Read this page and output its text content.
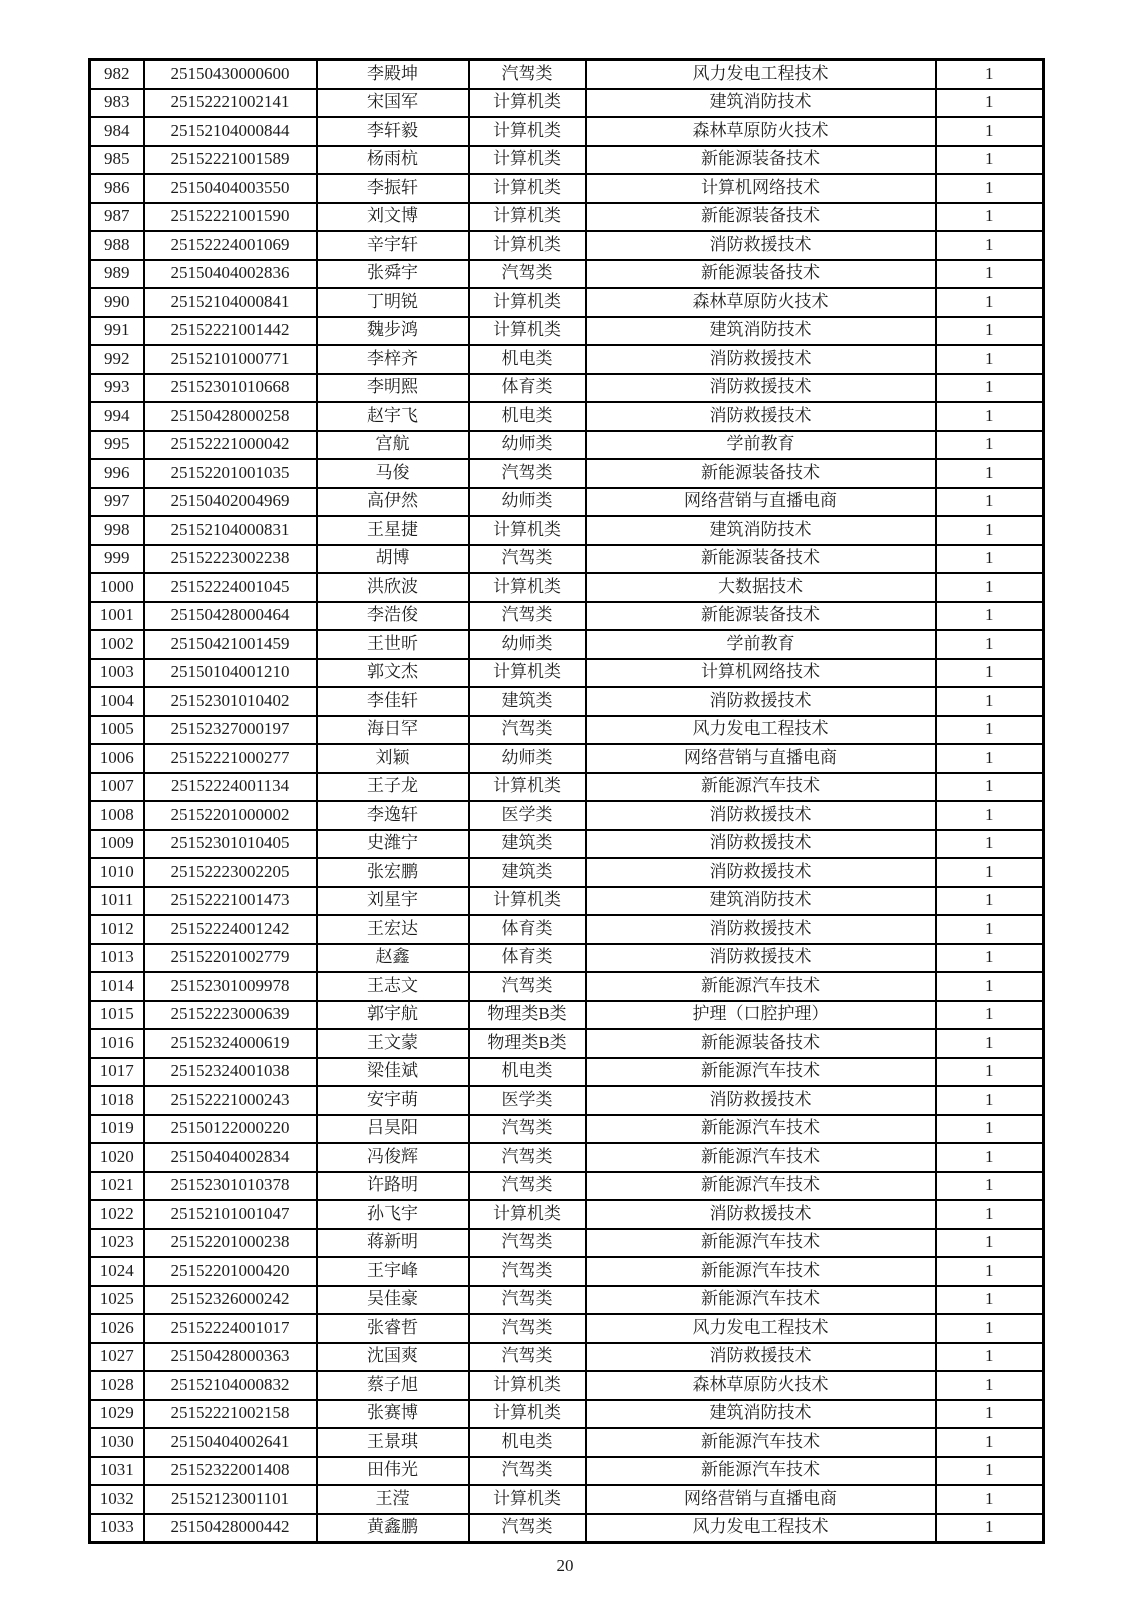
982	25150430000600	李殿坤	汽驾类	风力发电工程技术	1
983	25152221002141	宋国军	计算机类	建筑消防技术	1
984	25152104000844	李轩毅	计算机类	森林草原防火技术	1
985	25152221001589	杨雨杭	计算机类	新能源装备技术	1
986	25150404003550	李振轩	计算机类	计算机网络技术	1
987	25152221001590	刘文博	计算机类	新能源装备技术	1
988	25152224001069	辛宇轩	计算机类	消防救援技术	1
989	25150404002836	张舜宇	汽驾类	新能源装备技术	1
990	25152104000841	丁明锐	计算机类	森林草原防火技术	1
991	25152221001442	魏步鸿	计算机类	建筑消防技术	1
992	25152101000771	李梓齐	机电类	消防救援技术	1
993	25152301010668	李明熙	体育类	消防救援技术	1
994	25150428000258	赵宇飞	机电类	消防救援技术	1
995	25152221000042	宫航	幼师类	学前教育	1
996	25152201001035	马俊	汽驾类	新能源装备技术	1
997	25150402004969	高伊然	幼师类	网络营销与直播电商	1
998	25152104000831	王星捷	计算机类	建筑消防技术	1
999	25152223002238	胡博	汽驾类	新能源装备技术	1
1000	25152224001045	洪欣波	计算机类	大数据技术	1
1001	25150428000464	李浩俊	汽驾类	新能源装备技术	1
1002	25150421001459	王世昕	幼师类	学前教育	1
1003	25150104001210	郭文杰	计算机类	计算机网络技术	1
1004	25152301010402	李佳轩	建筑类	消防救援技术	1
1005	25152327000197	海日罕	汽驾类	风力发电工程技术	1
1006	25152221000277	刘颖	幼师类	网络营销与直播电商	1
1007	25152224001134	王子龙	计算机类	新能源汽车技术	1
1008	25152201000002	李逸轩	医学类	消防救援技术	1
1009	25152301010405	史潍宁	建筑类	消防救援技术	1
1010	25152223002205	张宏鹏	建筑类	消防救援技术	1
1011	25152221001473	刘星宇	计算机类	建筑消防技术	1
1012	25152224001242	王宏达	体育类	消防救援技术	1
1013	25152201002779	赵鑫	体育类	消防救援技术	1
1014	25152301009978	王志文	汽驾类	新能源汽车技术	1
1015	25152223000639	郭宇航	物理类B类	护理（口腔护理）	1
1016	25152324000619	王文蒙	物理类B类	新能源装备技术	1
1017	25152324001038	梁佳斌	机电类	新能源汽车技术	1
1018	25152221000243	安宇萌	医学类	消防救援技术	1
1019	25150122000220	吕昊阳	汽驾类	新能源汽车技术	1
1020	25150404002834	冯俊辉	汽驾类	新能源汽车技术	1
1021	25152301010378	许路明	汽驾类	新能源汽车技术	1
1022	25152101001047	孙飞宇	计算机类	消防救援技术	1
1023	25152201000238	蒋新明	汽驾类	新能源汽车技术	1
1024	25152201000420	王宇峰	汽驾类	新能源汽车技术	1
1025	25152326000242	吴佳豪	汽驾类	新能源汽车技术	1
1026	25152224001017	张睿哲	汽驾类	风力发电工程技术	1
1027	25150428000363	沈国爽	汽驾类	消防救援技术	1
1028	25152104000832	蔡子旭	计算机类	森林草原防火技术	1
1029	25152221002158	张赛博	计算机类	建筑消防技术	1
1030	25150404002641	王景琪	机电类	新能源汽车技术	1
1031	25152322001408	田伟光	汽驾类	新能源汽车技术	1
1032	25152123001101	王滢	计算机类	网络营销与直播电商	1
1033	25150428000442	黄鑫鹏	汽驾类	风力发电工程技术	1
20
